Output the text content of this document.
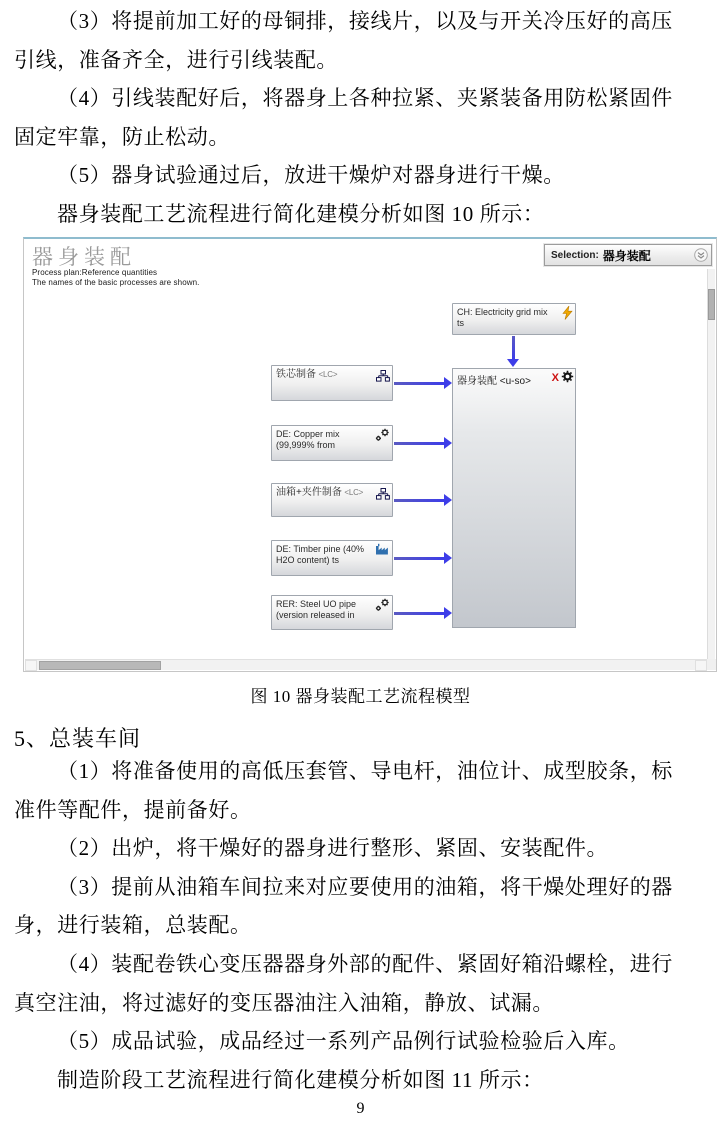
（3）将提前加工好的母铜排，接线片，以及与开关冷压好的高压
引线，准备齐全，进行引线装配。
（4）引线装配好后，将器身上各种拉紧、夹紧装备用防松紧固件
固定牢靠，防止松动。
（5）器身试验通过后，放进干燥炉对器身进行干燥。
器身装配工艺流程进行简化建模分析如图 10 所示：
器身装配
Process plan:Reference quantities
The names of the basic processes are shown.
Selection: 器身装配
CH: Electricity grid mix
ts
铁芯制备 <LC>
DE: Copper mix
(99,999% from
油箱+夹件制备 <LC>
DE: Timber pine (40%
H2O content) ts
RER: Steel UO pipe
(version released in
器身装配 <u-so> X
图 10 器身装配工艺流程模型
5、总装车间
（1）将准备使用的高低压套管、导电杆，油位计、成型胶条，标
准件等配件，提前备好。
（2）出炉，将干燥好的器身进行整形、紧固、安装配件。
（3）提前从油箱车间拉来对应要使用的油箱，将干燥处理好的器
身，进行装箱，总装配。
（4）装配卷铁心变压器器身外部的配件、紧固好箱沿螺栓，进行
真空注油，将过滤好的变压器油注入油箱，静放、试漏。
（5）成品试验，成品经过一系列产品例行试验检验后入库。
制造阶段工艺流程进行简化建模分析如图 11 所示：
9
